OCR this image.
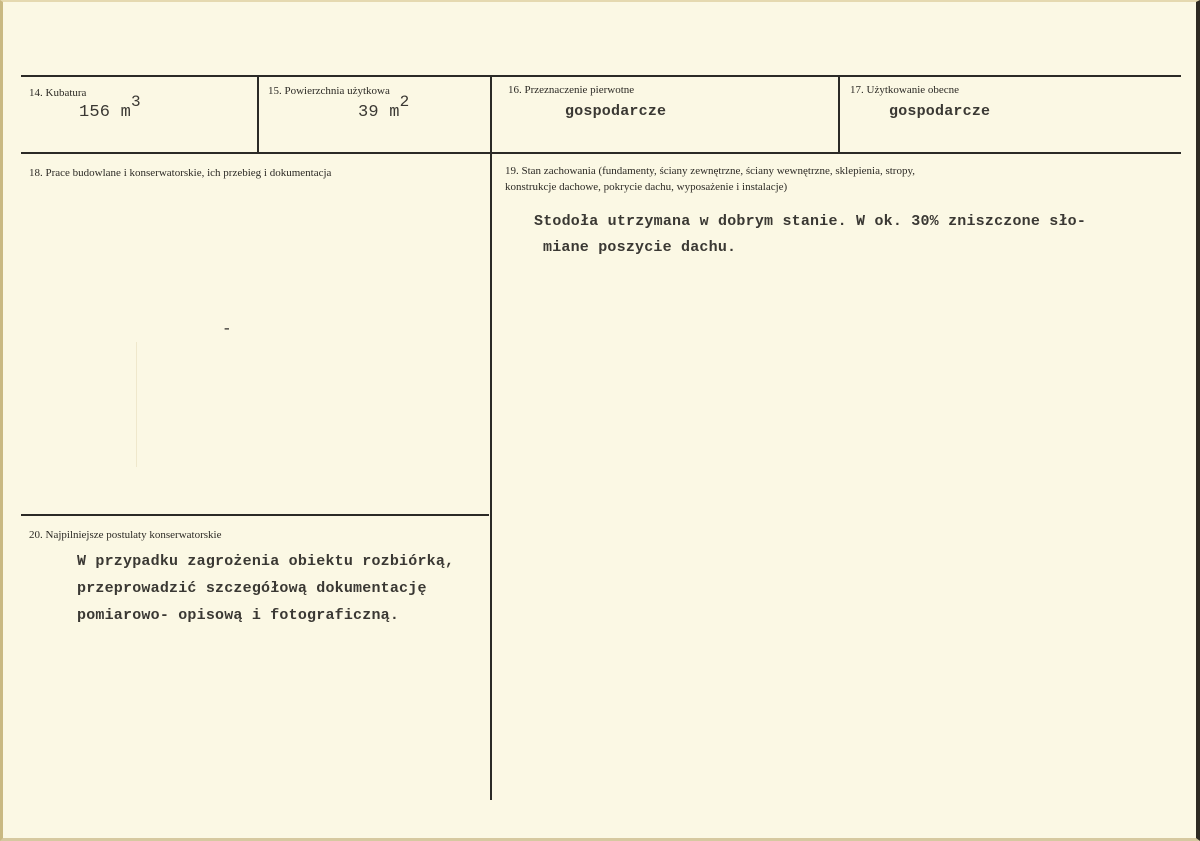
14. Kubatura
156 m3
15. Powierzchnia użytkowa
39 m2
16. Przeznaczenie pierwotne
gospodarcze
17. Użytkowanie obecne
gospodarcze
18. Prace budowlane i konserwatorskie, ich przebieg i dokumentacja
-
19. Stan zachowania (fundamenty, ściany zewnętrzne, ściany wewnętrzne, sklepienia, stropy,
konstrukcje dachowe, pokrycie dachu, wyposażenie i instalacje)
Stodoła utrzymana w dobrym stanie. W ok. 30% zniszczone sło-
miane poszycie dachu.
20. Najpilniejsze postulaty konserwatorskie
W przypadku zagrożenia obiektu rozbiórką,
przeprowadzić szczegółową dokumentację
pomiarowo- opisową i fotograficzną.
